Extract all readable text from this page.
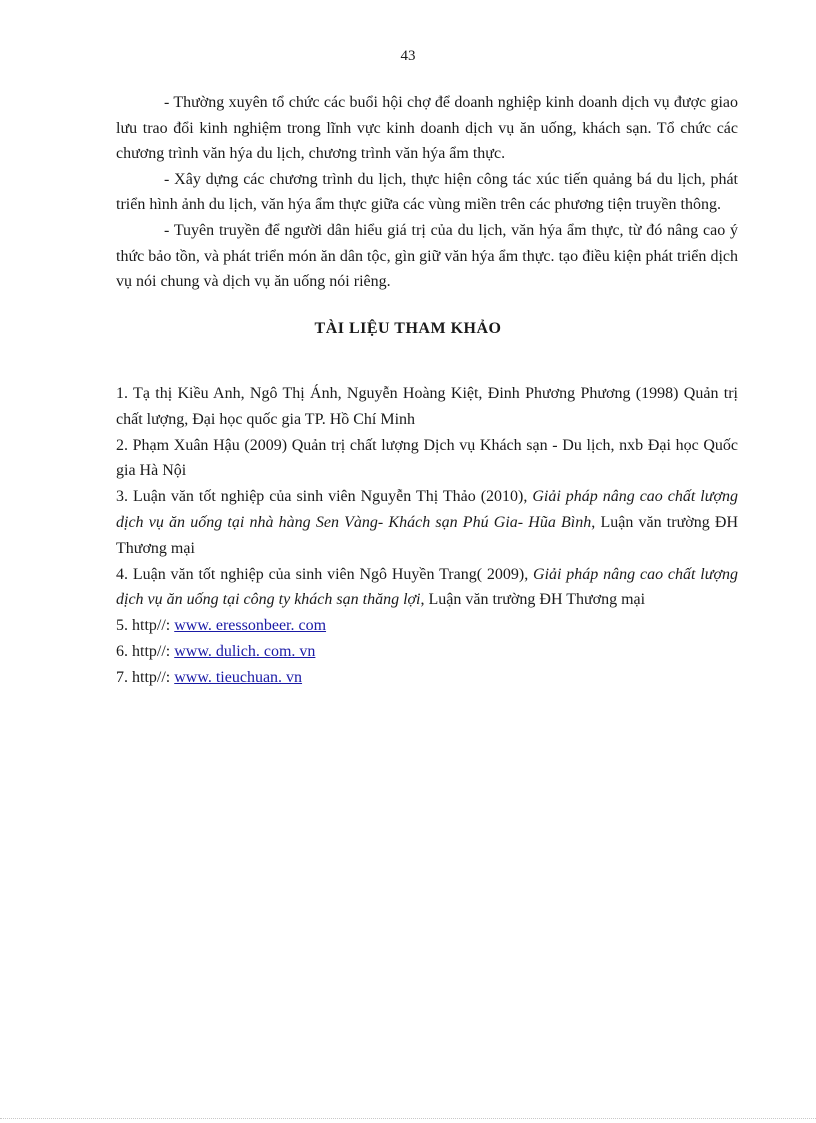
43

- Thường xuyên tổ chức các buổi hội chợ để doanh nghiệp kinh doanh dịch vụ được giao lưu trao đổi kinh nghiệm trong lĩnh vực kinh doanh dịch vụ ăn uống, khách sạn. Tổ chức các chương trình văn hýa du lịch, chương trình văn hýa ẩm thực.

- Xây dựng các chương trình du lịch, thực hiện công tác xúc tiến quảng bá du lịch, phát triển hình ảnh du lịch, văn hýa ẩm thực giữa các vùng miền trên các phương tiện truyền thông.

- Tuyên truyền để người dân hiểu giá trị của du lịch, văn hýa ẩm thực, từ đó nâng cao ý thức bảo tồn, và phát triển món ăn dân tộc, gìn giữ văn hýa ẩm thực. tạo điều kiện phát triển dịch vụ nói chung và dịch vụ ăn uống nói riêng.

TÀI LIỆU THAM KHẢO

1. Tạ thị Kiều Anh, Ngô Thị Ánh, Nguyễn Hoàng Kiệt, Đinh Phương Phương (1998) Quản trị chất lượng, Đại học quốc gia TP. Hồ Chí Minh

2. Phạm Xuân Hậu (2009) Quản trị chất lượng Dịch vụ Khách sạn - Du lịch, nxb Đại học Quốc gia Hà Nội

3. Luận văn tốt nghiệp của sinh viên Nguyễn Thị Thảo (2010), Giải pháp nâng cao chất lượng dịch vụ ăn uống tại nhà hàng Sen Vàng- Khách sạn Phú Gia- Hũa Bình, Luận văn trường ĐH Thương mại

4. Luận văn tốt nghiệp của sinh viên Ngô Huyền Trang( 2009), Giải pháp nâng cao chất lượng dịch vụ ăn uống tại công ty khách sạn thăng lợi, Luận văn trường ĐH Thương mại

5. http//: www. eressonbeer. com

6. http//: www. dulich. com. vn

7. http//: www. tieuchuan. vn
